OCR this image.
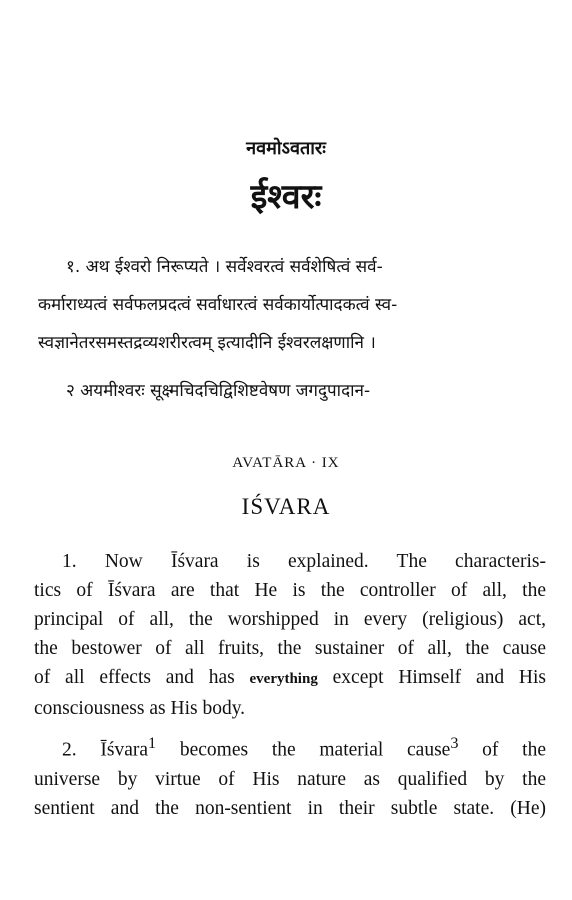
नवमोऽवतारः
ईश्वरः
१. अथ ईश्वरो निरूप्यते । सर्वेश्वरत्वं सर्वशेषित्वं सर्व-
कर्माराध्यत्वं सर्वफलप्रदत्वं सर्वाधारत्वं सर्वकार्योत्पादकत्वं स्व-
स्वज्ञानेतरसमस्तद्रव्यशरीरत्वम् इत्यादीनि ईश्वरलक्षणानि ।
२ अयमीश्वरः सूक्ष्मचिदचिद्विशिष्टवेषण जगदुपादान-
AVATĀRA · IX
IŚVARA
1. Now Īśvara is explained. The characteris-
tics of Īśvara are that He is the controller of all, the
principal of all, the worshipped in every (religious) act,
the bestower of all fruits, the sustainer of all, the cause
of all effects and has everything except Himself and His
consciousness as His body.
2. Īśvara$^1$ becomes the material cause$^3$ of the
universe by virtue of His nature as qualified by the
sentient and the non-sentient in their subtle state. (He)
